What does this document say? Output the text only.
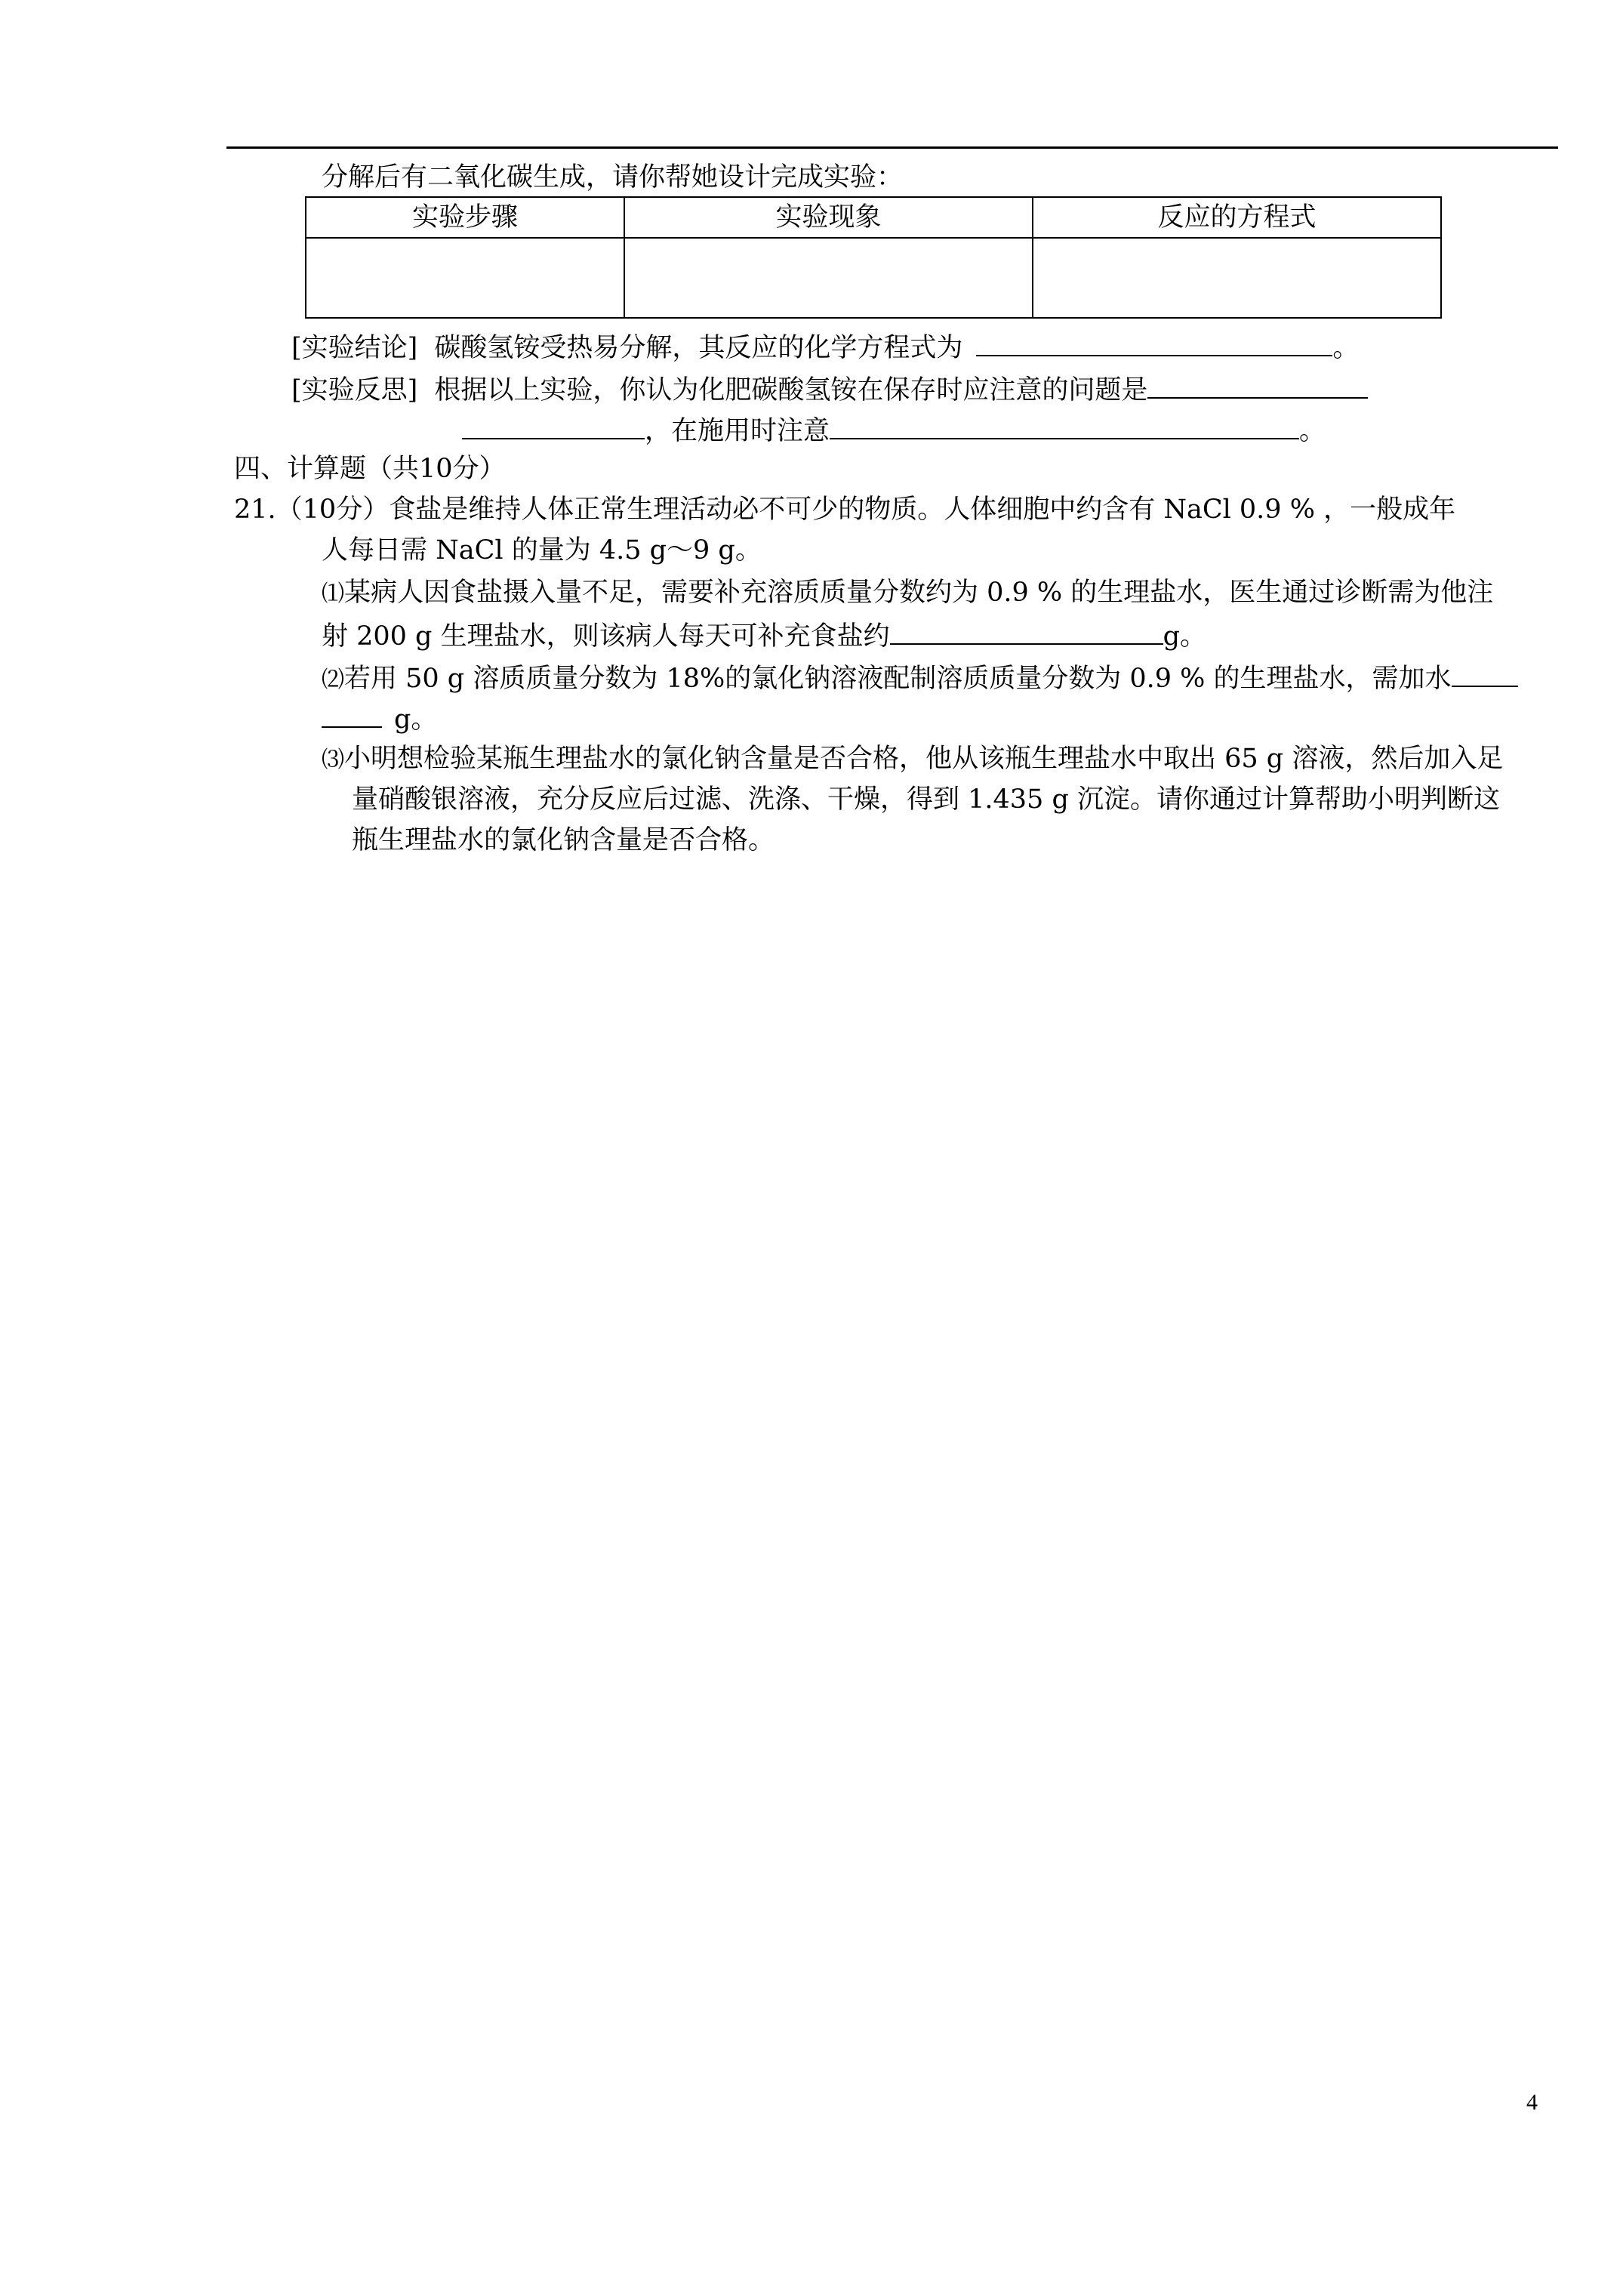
分解后有二氧化碳生成，请你帮她设计完成实验：
实验步骤	实验现象	反应的方程式

[实验结论] 碳酸氢铵受热易分解，其反应的化学方程式为	。
[实验反思] 根据以上实验，你认为化肥碳酸氢铵在保存时应注意的问题是
，在施用时注意	。
四、计算题（共10分）
21.（10分）食盐是维持人体正常生理活动必不可少的物质。人体细胞中约含有 NaCl 0.9 % ，一般成年
人每日需 NaCl 的量为 4.5 g～9 g。
⑴某病人因食盐摄入量不足，需要补充溶质质量分数约为 0.9 % 的生理盐水，医生通过诊断需为他注
射 200 g 生理盐水，则该病人每天可补充食盐约	g。
⑵若用 50 g 溶质质量分数为 18%的氯化钠溶液配制溶质质量分数为 0.9 % 的生理盐水，需加水
g。
⑶小明想检验某瓶生理盐水的氯化钠含量是否合格，他从该瓶生理盐水中取出 65 g 溶液，然后加入足
量硝酸银溶液，充分反应后过滤、洗涤、干燥，得到 1.435 g 沉淀。请你通过计算帮助小明判断这
瓶生理盐水的氯化钠含量是否合格。
4
